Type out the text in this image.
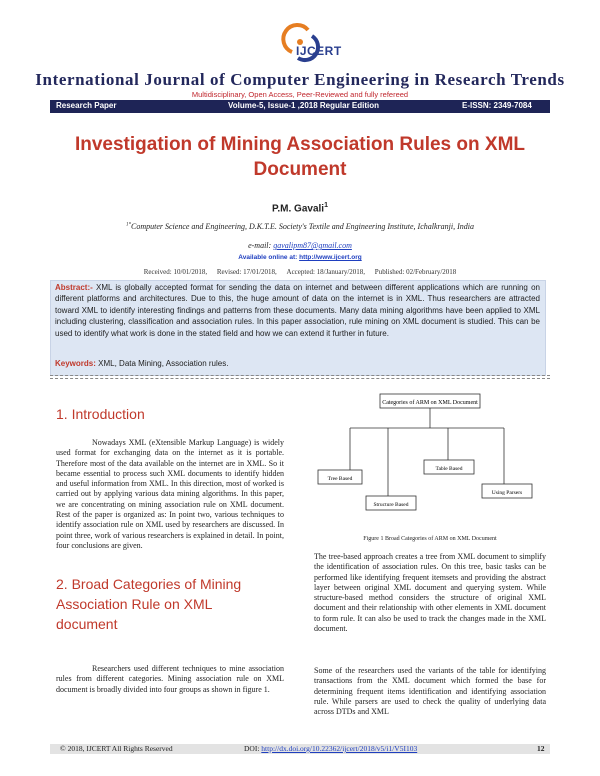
IJCERT
International Journal of Computer Engineering in Research Trends
Multidisciplinary, Open Access, Peer-Reviewed and fully refereed
Research Paper	Volume-5, Issue-1 ,2018 Regular Edition	E-ISSN: 2349-7084
Investigation of Mining Association Rules on XML
Document
P.M. Gavali$^1$
$^{1*}$Computer Science and Engineering, D.K.T.E. Society's Textile and Engineering Institute, Ichalkranji, India
e-mail: gavalipm87@gmail.com
Available online at: http://www.ijcert.org
Received: 10/01/2018, Revised: 17/01/2018, Accepted: 18/January/2018, Published: 02/February/2018
Abstract:- XML is globally accepted format for sending the data on internet and between different applications which are running on different platforms and architectures. Due to this, the huge amount of data on the internet is in XML. Thus researchers are attracted toward XML to identify interesting findings and patterns from these documents. Many data mining algorithms have been applied to XML including clustering, classification and association rules. In this paper association, rule mining on XML document is studied. This can be used to identify what work is done in the stated field and how we can extend it further in future.
Keywords: XML, Data Mining, Association rules.
1. Introduction
Nowadays XML (eXtensible Markup Language) is widely used format for exchanging data on the internet as it is portable. Therefore most of the data available on the internet are in XML. So it became essential to process such XML documents to identify hidden and useful information from XML. In this direction, most of worked is carried out by applying various data mining algorithms. In this paper, we are concentrating on mining association rule on XML document. Rest of the paper is organized as: In point two, various techniques to identify association rule on XML used by researchers are discussed. In point three, work of various researchers is explained in detail. In point, four conclusions are given.
2. Broad Categories of Mining
Association Rule on XML
document
Researchers used different techniques to mine association rules from different categories. Mining association rule on XML document is broadly divided into four groups as shown in figure 1.
Categories of ARM on XML Document
Tree Based
Structure Based
Table Based
Using Parsers
Figure 1 Broad Categories of ARM on XML Document
The tree-based approach creates a tree from XML document to simplify the identification of association rules. On this tree, basic tasks can be performed like identifying frequent itemsets and providing the abstract layer between original XML document and querying system. While structure-based method considers the structure of original XML document and their relationship with other elements in XML document to form rule. It can also be used to track the changes made in the XML document.
Some of the researchers used the variants of the table for identifying transactions from the XML document which formed the base for determining frequent items identification and identifying association rule. While parsers are used to check the quality of underlying data across DTDs and XML
© 2018, IJCERT All Rights Reserved	DOI: http://dx.doi.org/10.22362/ijcert/2018/v5/i1/V5I103	12
